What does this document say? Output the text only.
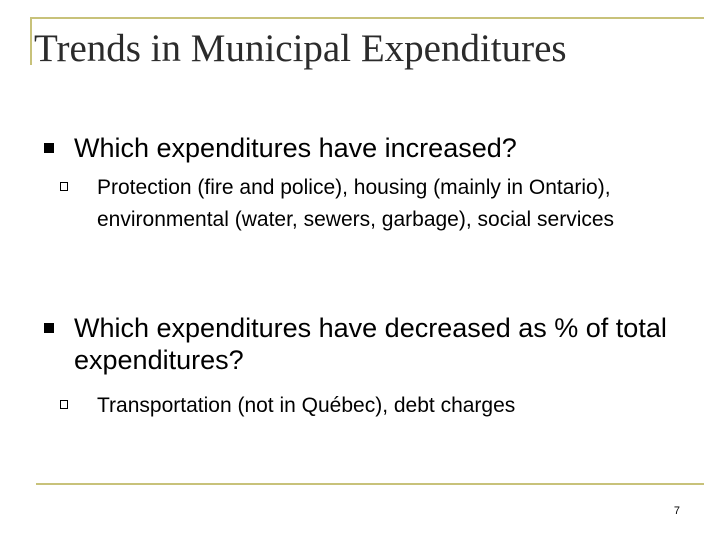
Trends in Municipal Expenditures
Which expenditures have increased?
Protection (fire and police), housing (mainly in Ontario), environmental (water, sewers, garbage), social services
Which expenditures have decreased as % of total expenditures?
Transportation (not in Québec), debt charges
7
